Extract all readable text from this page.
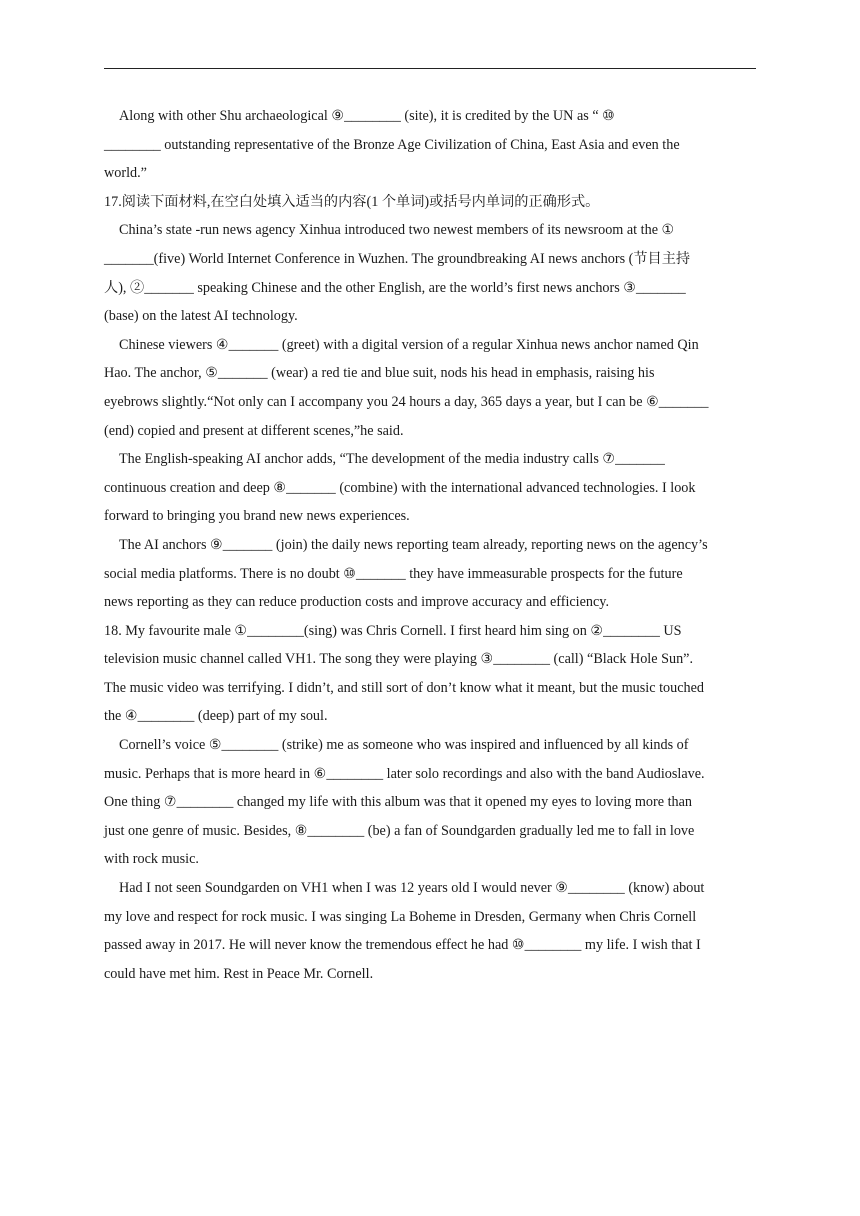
Along with other Shu archaeological ⑨________ (site), it is credited by the UN as “ ⑩
________ outstanding representative of the Bronze Age Civilization of China, East Asia and even the
world.”

17.阅读下面材料,在空白处填入适当的内容(1 个单词)或括号内单词的正确形式。

China’s state -run news agency Xinhua introduced two newest members of its newsroom at the ①
_______(five) World Internet Conference in Wuzhen. The groundbreaking AI news anchors (节目主持
人), ②_______ speaking Chinese and the other English, are the world’s first news anchors ③_______
(base) on the latest AI technology.

Chinese viewers ④_______ (greet) with a digital version of a regular Xinhua news anchor named Qin
Hao. The anchor, ⑤_______ (wear) a red tie and blue suit, nods his head in emphasis, raising his
eyebrows slightly.“Not only can I accompany you 24 hours a day, 365 days a year, but I can be ⑥_______
(end) copied and present at different scenes,”he said.

The English-speaking AI anchor adds, “The development of the media industry calls ⑦_______
continuous creation and deep ⑧_______ (combine) with the international advanced technologies. I look
forward to bringing you brand new news experiences.

The AI anchors ⑨_______ (join) the daily news reporting team already, reporting news on the agency’s
social media platforms. There is no doubt ⑩_______ they have immeasurable prospects for the future
news reporting as they can reduce production costs and improve accuracy and efficiency.

18. My favourite male ①________(sing) was Chris Cornell. I first heard him sing on ②________ US
television music channel called VH1. The song they were playing ③________ (call) “Black Hole Sun”.
The music video was terrifying. I didn’t, and still sort of don’t know what it meant, but the music touched
the ④________ (deep) part of my soul.

Cornell’s voice ⑤________ (strike) me as someone who was inspired and influenced by all kinds of
music. Perhaps that is more heard in ⑥________ later solo recordings and also with the band Audioslave.
One thing ⑦________ changed my life with this album was that it opened my eyes to loving more than
just one genre of music. Besides, ⑧________ (be) a fan of Soundgarden gradually led me to fall in love
with rock music.

Had I not seen Soundgarden on VH1 when I was 12 years old I would never ⑨________ (know) about
my love and respect for rock music. I was singing La Boheme in Dresden, Germany when Chris Cornell
passed away in 2017. He will never know the tremendous effect he had ⑩________ my life. I wish that I
could have met him. Rest in Peace Mr. Cornell.
